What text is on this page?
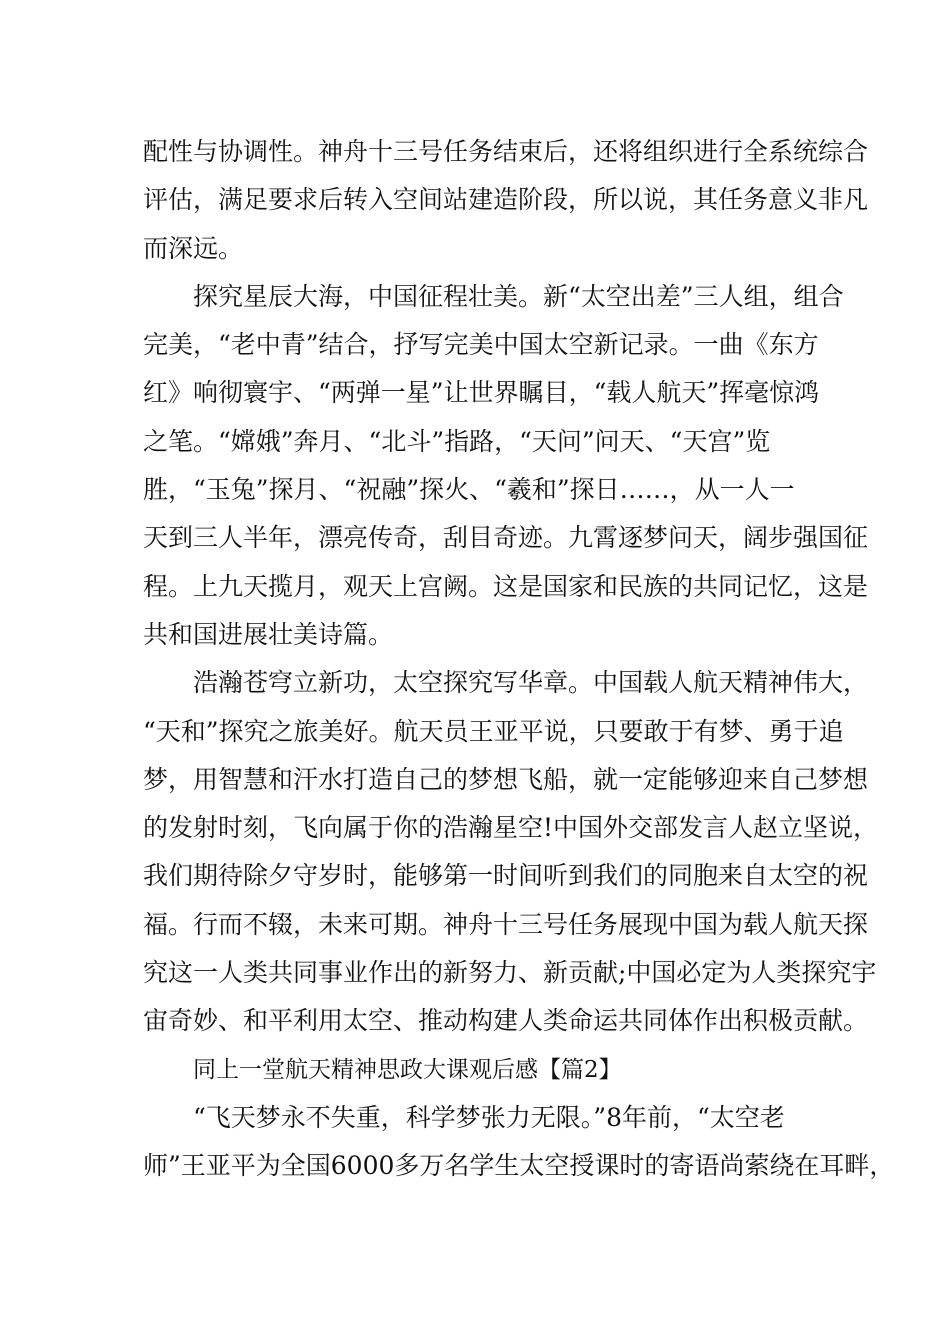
配性与协调性。神舟十三号任务结束后，还将组织进行全系统综合
评估，满足要求后转入空间站建造阶段，所以说，其任务意义非凡
而深远。
探究星辰大海，中国征程壮美。新“太空出差”三人组，组合
完美，“老中青”结合，抒写完美中国太空新记录。一曲《东方
红》响彻寰宇、“两弹一星”让世界瞩目，“载人航天”挥毫惊鸿
之笔。“嫦娥”奔月、“北斗”指路，“天问”问天、“天宫”览
胜，“玉兔”探月、“祝融”探火、“羲和”探日……，从一人一
天到三人半年，漂亮传奇，刮目奇迹。九霄逐梦问天，阔步强国征
程。上九天揽月，观天上宫阙。这是国家和民族的共同记忆，这是
共和国进展壮美诗篇。
浩瀚苍穹立新功，太空探究写华章。中国载人航天精神伟大，
“天和”探究之旅美好。航天员王亚平说，只要敢于有梦、勇于追
梦，用智慧和汗水打造自己的梦想飞船，就一定能够迎来自己梦想
的发射时刻，飞向属于你的浩瀚星空!中国外交部发言人赵立坚说，
我们期待除夕守岁时，能够第一时间听到我们的同胞来自太空的祝
福。行而不辍，未来可期。神舟十三号任务展现中国为载人航天探
究这一人类共同事业作出的新努力、新贡献;中国必定为人类探究宇
宙奇妙、和平利用太空、推动构建人类命运共同体作出积极贡献。
同上一堂航天精神思政大课观后感【篇2】
“飞天梦永不失重，科学梦张力无限。”8年前，“太空老
师”王亚平为全国6000多万名学生太空授课时的寄语尚萦绕在耳畔，
